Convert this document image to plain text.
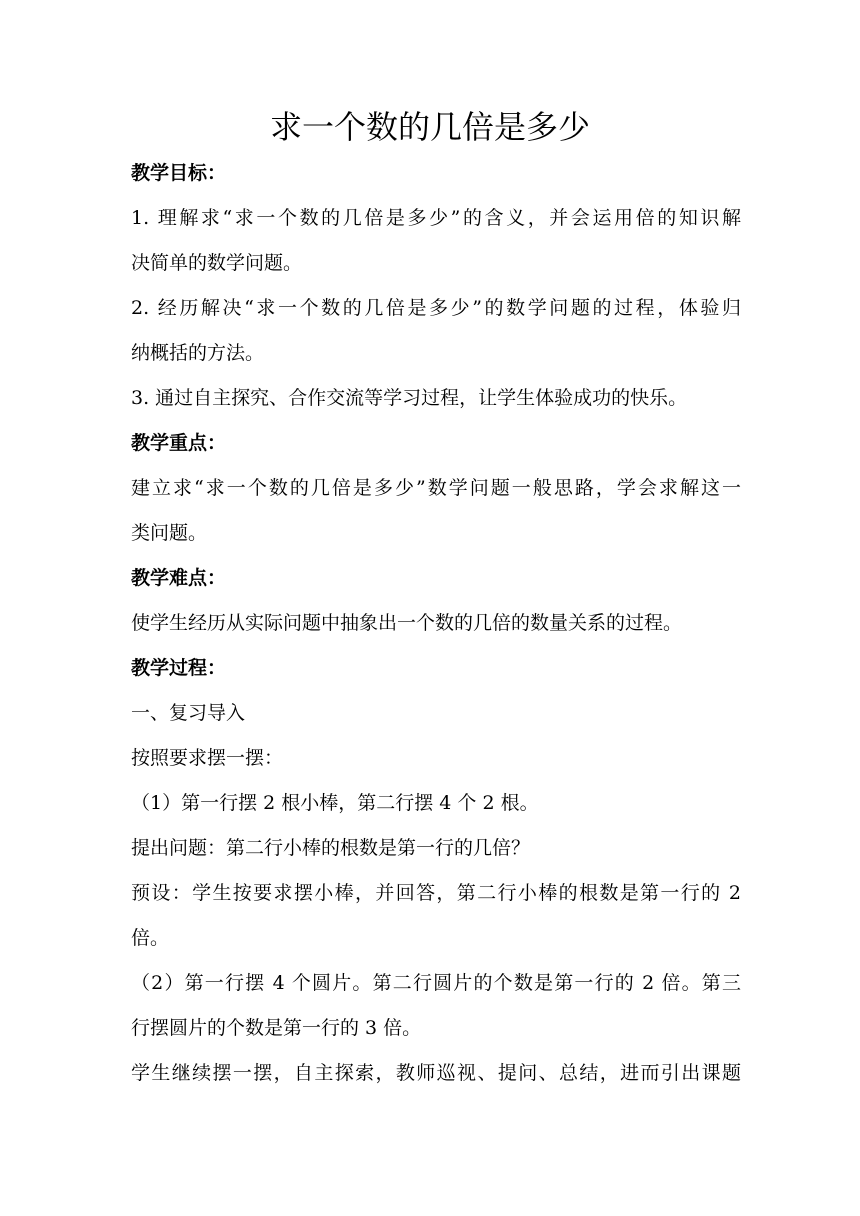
求一个数的几倍是多少

教学目标：

1. 理解求“求一个数的几倍是多少”的含义，并会运用倍的知识解

决简单的数学问题。

2. 经历解决“求一个数的几倍是多少”的数学问题的过程，体验归

纳概括的方法。

3. 通过自主探究、合作交流等学习过程，让学生体验成功的快乐。

教学重点：

建立求“求一个数的几倍是多少”数学问题一般思路，学会求解这一

类问题。

教学难点：

使学生经历从实际问题中抽象出一个数的几倍的数量关系的过程。

教学过程：

一、复习导入

按照要求摆一摆：

（1）第一行摆 2 根小棒，第二行摆 4 个 2 根。

提出问题：第二行小棒的根数是第一行的几倍？

预设：学生按要求摆小棒，并回答，第二行小棒的根数是第一行的 2

倍。

（2）第一行摆 4 个圆片。第二行圆片的个数是第一行的 2 倍。第三

行摆圆片的个数是第一行的 3 倍。

学生继续摆一摆，自主探索，教师巡视、提问、总结，进而引出课题
